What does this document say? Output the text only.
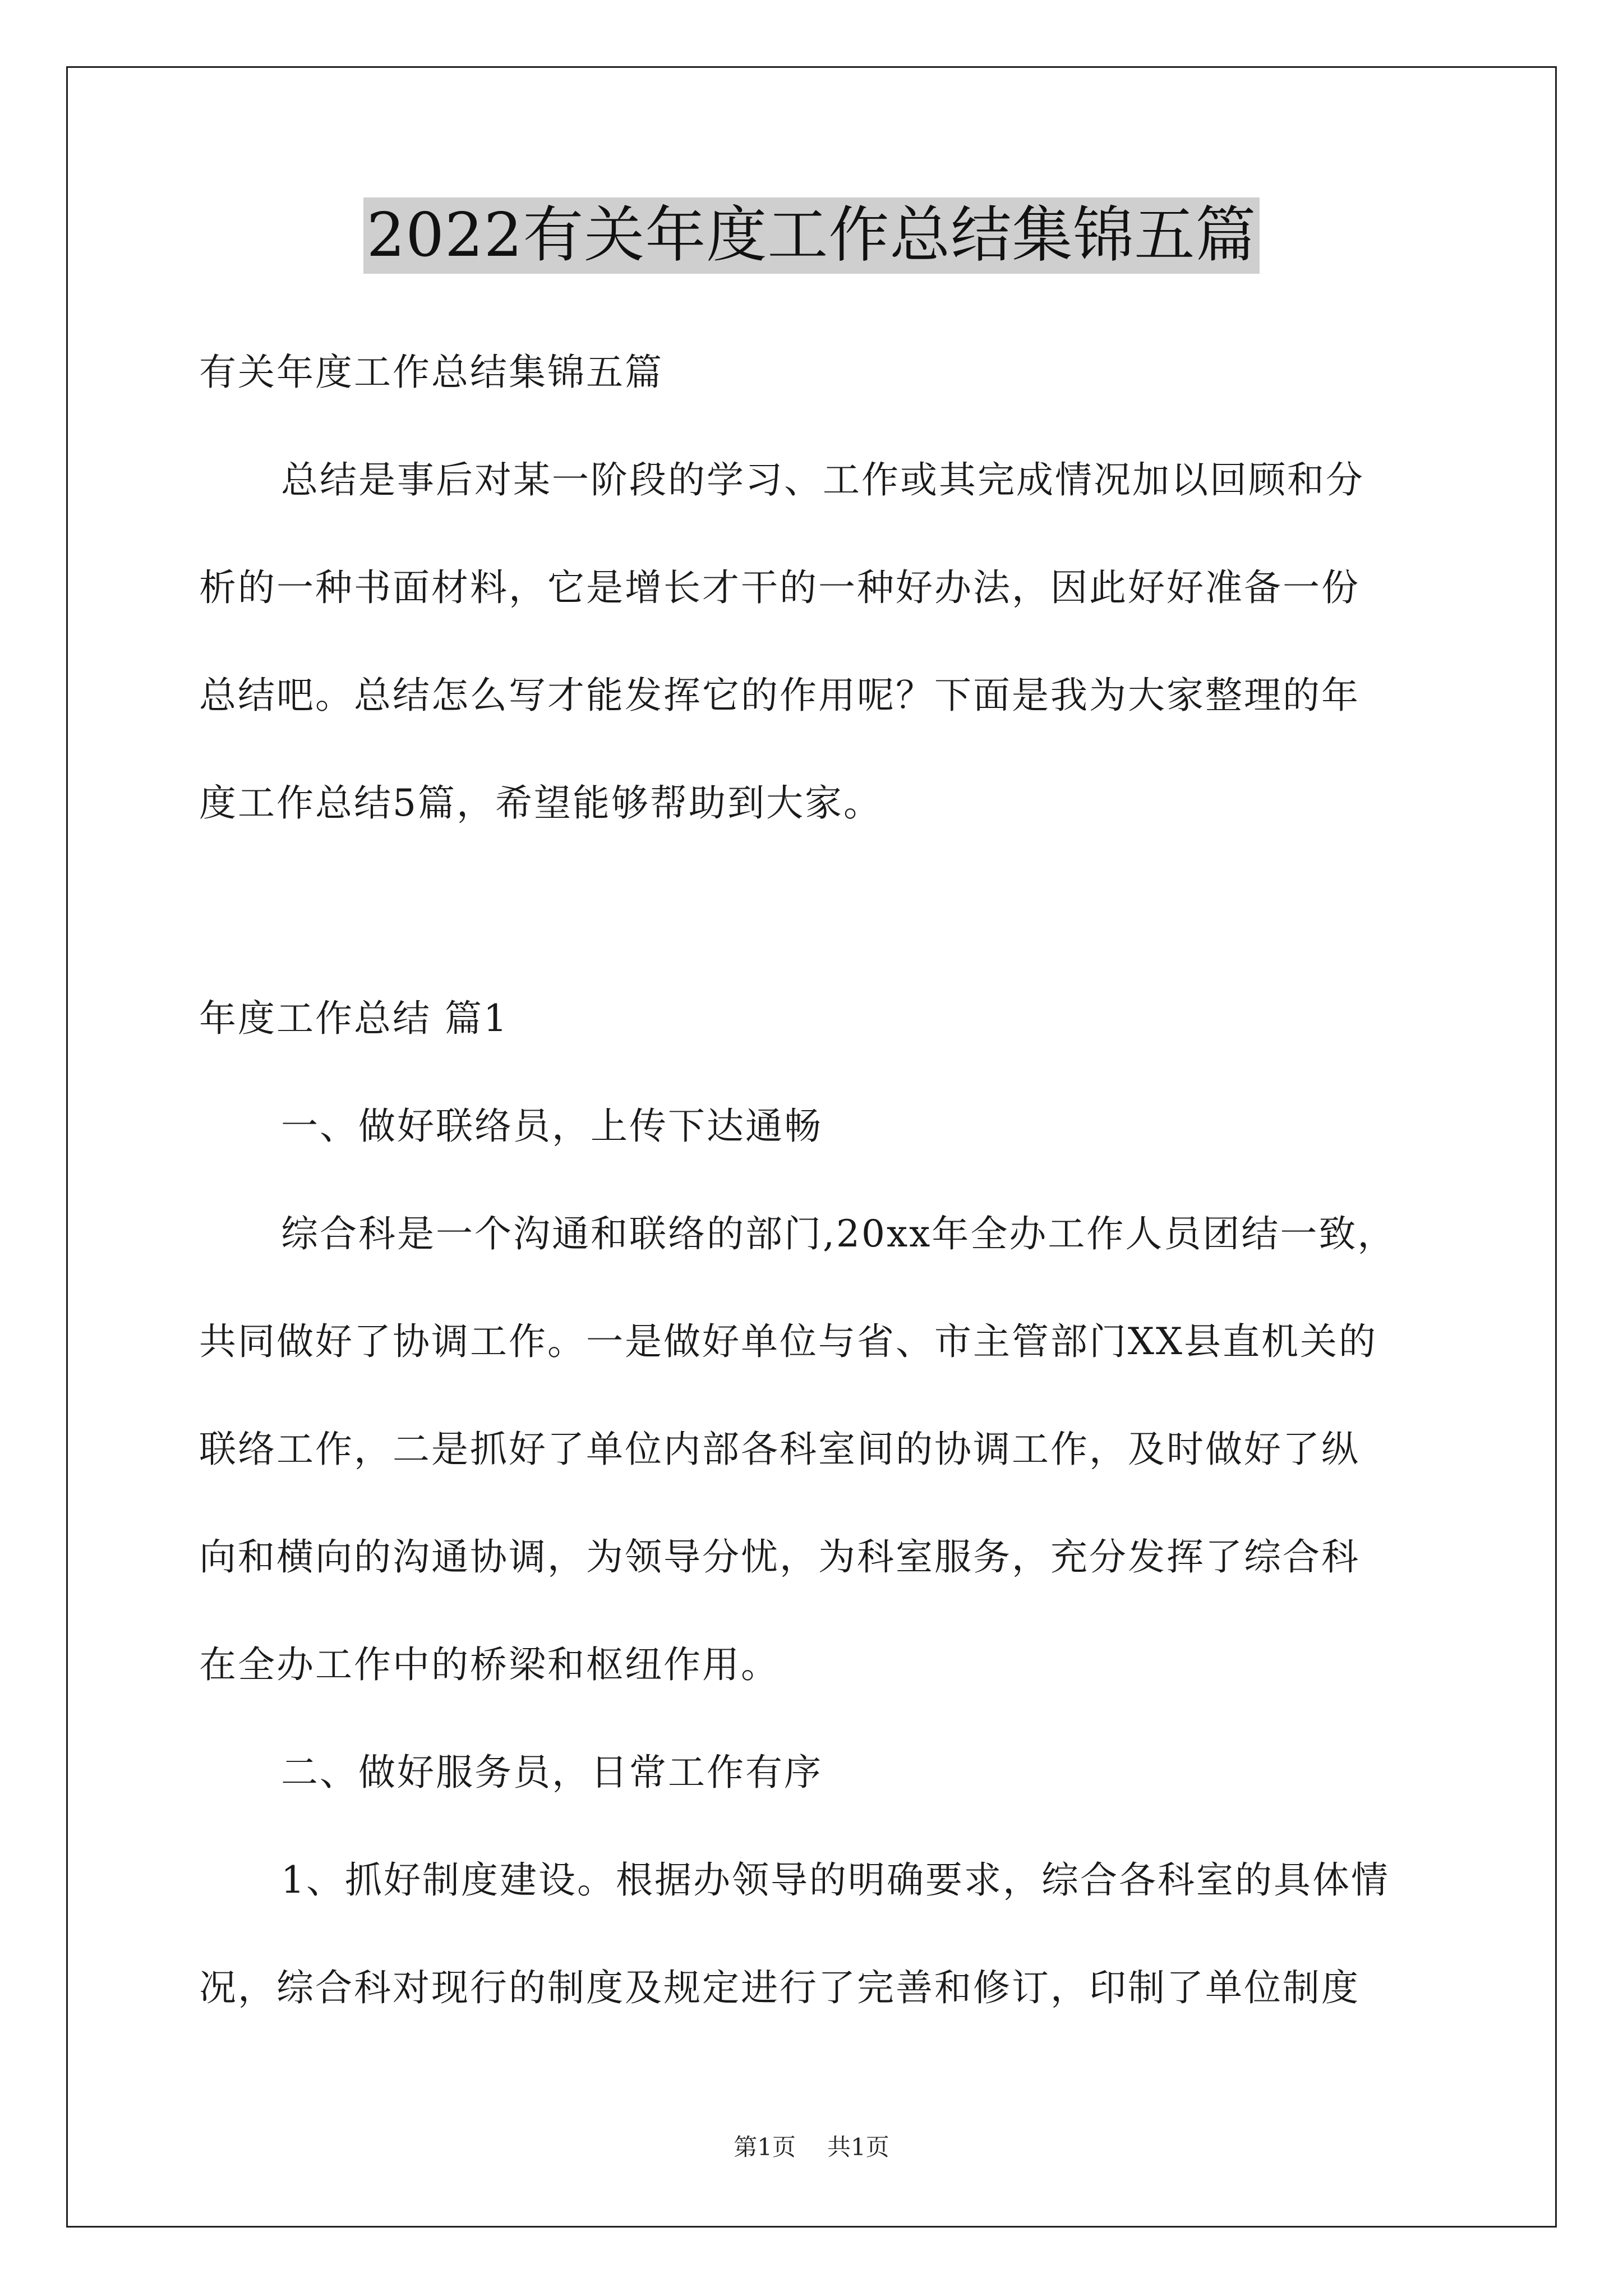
2022有关年度工作总结集锦五篇
有关年度工作总结集锦五篇
总结是事后对某一阶段的学习、工作或其完成情况加以回顾和分
析的一种书面材料，它是增长才干的一种好办法，因此好好准备一份
总结吧。总结怎么写才能发挥它的作用呢？下面是我为大家整理的年
度工作总结5篇，希望能够帮助到大家。
年度工作总结 篇1
一、做好联络员，上传下达通畅
综合科是一个沟通和联络的部门,20xx年全办工作人员团结一致，
共同做好了协调工作。一是做好单位与省、市主管部门XX县直机关的
联络工作，二是抓好了单位内部各科室间的协调工作，及时做好了纵
向和横向的沟通协调，为领导分忧，为科室服务，充分发挥了综合科
在全办工作中的桥梁和枢纽作用。
二、做好服务员，日常工作有序
1、抓好制度建设。根据办领导的明确要求，综合各科室的具体情
况，综合科对现行的制度及规定进行了完善和修订，印制了单位制度
第1页 共1页
